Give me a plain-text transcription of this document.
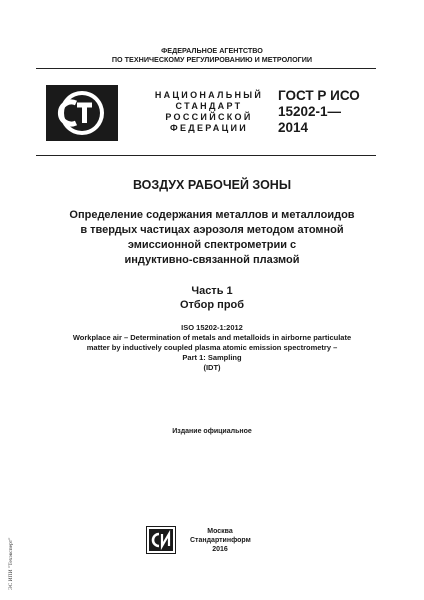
ФЕДЕРАЛЬНОЕ АГЕНТСТВО
ПО ТЕХНИЧЕСКОМУ РЕГУЛИРОВАНИЮ И МЕТРОЛОГИИ
НАЦИОНАЛЬНЫЙ
СТАНДАРТ
РОССИЙСКОЙ
ФЕДЕРАЦИИ
ГОСТ Р ИСО
15202-1—
2014
ВОЗДУХ РАБОЧЕЙ ЗОНЫ
Определение содержания металлов и металлоидов
в твердых частицах аэрозоля методом атомной
эмиссионной спектрометрии с
индуктивно-связанной плазмой
Часть 1
Отбор проб
ISO 15202-1:2012
Workplace air – Determination of metals and metalloids in airborne particulate
matter by inductively coupled plasma atomic emission spectrometry –
Part 1: Sampling
(IDT)
Издание официальное
Москва
Стандартинформ
2016
ЭС ИПИ "Техэксперт"
